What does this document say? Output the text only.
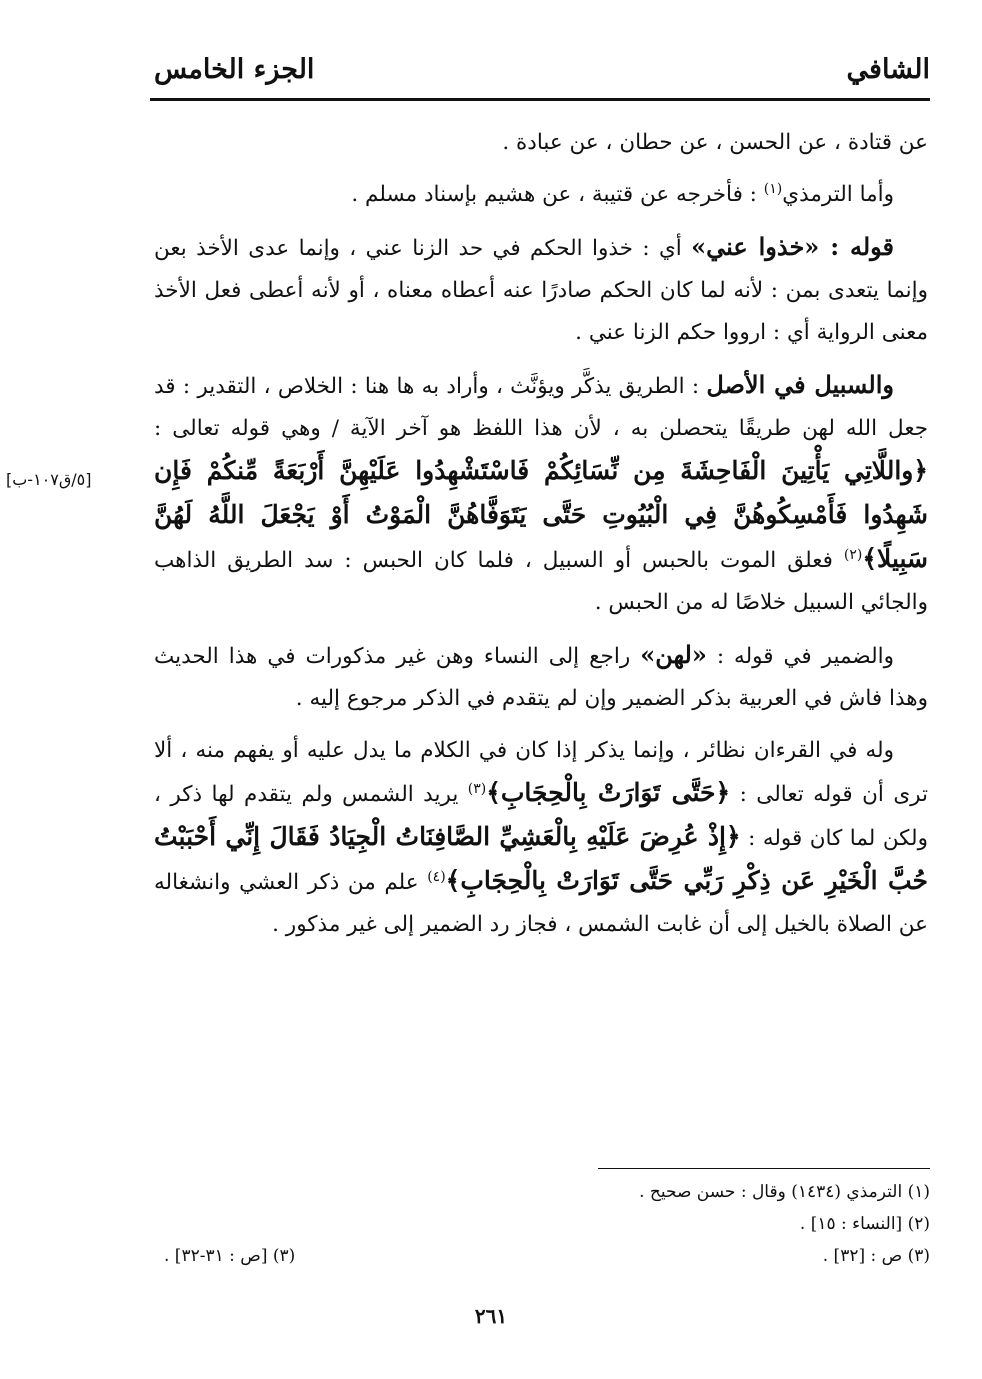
الشافي
الجزء الخامس
[٥/ق١٠٧-ب]

عن قتادة ، عن الحسن ، عن حطان ، عن عبادة .

وأما الترمذي$^{(١)}$ : فأخرجه عن قتيبة ، عن هشيم بإسناد مسلم .

قوله : «خذوا عني» أي : خذوا الحكم في حد الزنا عني ، وإنما عدى الأخذ بعن وإنما يتعدى بمن : لأنه لما كان الحكم صادرًا عنه أعطاه معناه ، أو لأنه أعطى فعل الأخذ معنى الرواية أي : ارووا حكم الزنا عني .

والسبيل في الأصل : الطريق يذكَّر ويؤنَّث ، وأراد به ها هنا : الخلاص ، التقدير : قد جعل الله لهن طريقًا يتحصلن به ، لأن هذا اللفظ هو آخر الآية / وهي قوله تعالى : ﴿واللَّاتِي يَأْتِينَ الْفَاحِشَةَ مِن نِّسَائِكُمْ فَاسْتَشْهِدُوا عَلَيْهِنَّ أَرْبَعَةً مِّنكُمْ فَإِن شَهِدُوا فَأَمْسِكُوهُنَّ فِي الْبُيُوتِ حَتَّى يَتَوَفَّاهُنَّ الْمَوْتُ أَوْ يَجْعَلَ اللَّهُ لَهُنَّ سَبِيلًا﴾$^{(٢)}$ فعلق الموت بالحبس أو السبيل ، فلما كان الحبس : سد الطريق الذاهب والجائي السبيل خلاصًا له من الحبس .

والضمير في قوله : «لهن» راجع إلى النساء وهن غير مذكورات في هذا الحديث وهذا فاش في العربية بذكر الضمير وإن لم يتقدم في الذكر مرجوع إليه .

وله في القرءان نظائر ، وإنما يذكر إذا كان في الكلام ما يدل عليه أو يفهم منه ، ألا ترى أن قوله تعالى : ﴿حَتَّى تَوَارَتْ بِالْحِجَابِ﴾$^{(٣)}$ يريد الشمس ولم يتقدم لها ذكر ، ولكن لما كان قوله : ﴿إِذْ عُرِضَ عَلَيْهِ بِالْعَشِيِّ الصَّافِنَاتُ الْجِيَادُ فَقَالَ إِنِّي أَحْبَبْتُ حُبَّ الْخَيْرِ عَن ذِكْرِ رَبِّي حَتَّى تَوَارَتْ بِالْحِجَابِ﴾$^{(٤)}$ علم من ذكر العشي وانشغاله عن الصلاة بالخيل إلى أن غابت الشمس ، فجاز رد الضمير إلى غير مذكور .

(١) الترمذي (١٤٣٤) وقال : حسن صحيح .
(٢) [النساء : ١٥] .
(٣) ص : [٣٢] .
(٣) [ص : ٣١-٣٢] .
٢٦١
